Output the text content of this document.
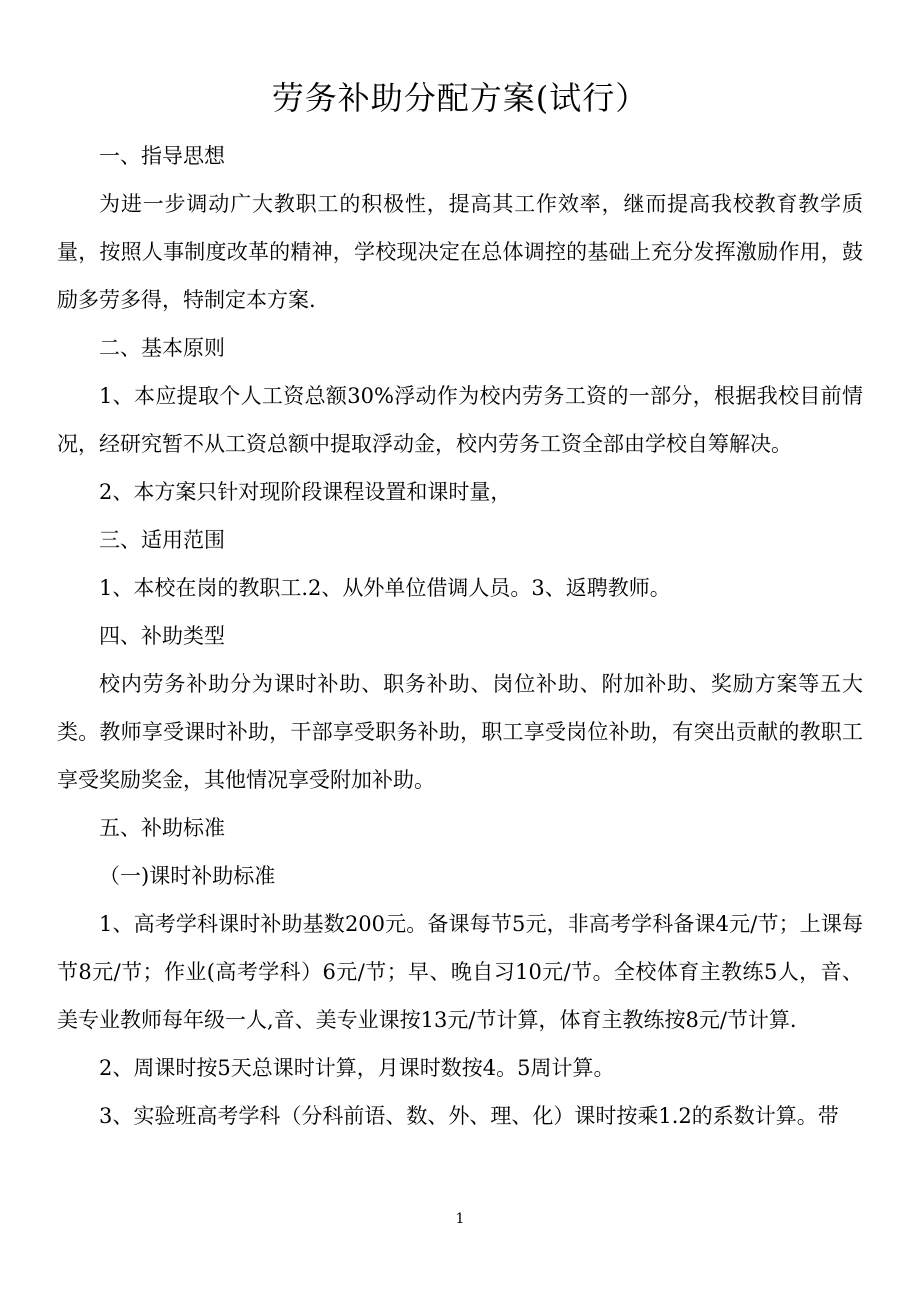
劳务补助分配方案(试行）

一、指导思想

为进一步调动广大教职工的积极性，提高其工作效率，继而提高我校教育教学质量，按照人事制度改革的精神，学校现决定在总体调控的基础上充分发挥激励作用，鼓励多劳多得，特制定本方案.

二、基本原则

1、本应提取个人工资总额30%浮动作为校内劳务工资的一部分，根据我校目前情况，经研究暂不从工资总额中提取浮动金，校内劳务工资全部由学校自筹解决。

2、本方案只针对现阶段课程设置和课时量，

三、适用范围

1、本校在岗的教职工.2、从外单位借调人员。3、返聘教师。

四、补助类型

校内劳务补助分为课时补助、职务补助、岗位补助、附加补助、奖励方案等五大类。教师享受课时补助，干部享受职务补助，职工享受岗位补助，有突出贡献的教职工享受奖励奖金，其他情况享受附加补助。

五、补助标准

（一)课时补助标准

1、高考学科课时补助基数200元。备课每节5元，非高考学科备课4元/节；上课每节8元/节；作业(高考学科）6元/节；早、晚自习10元/节。全校体育主教练5人，音、美专业教师每年级一人,音、美专业课按13元/节计算，体育主教练按8元/节计算.

2、周课时按5天总课时计算，月课时数按4。5周计算。

3、实验班高考学科（分科前语、数、外、理、化）课时按乘1.2的系数计算。带

1
